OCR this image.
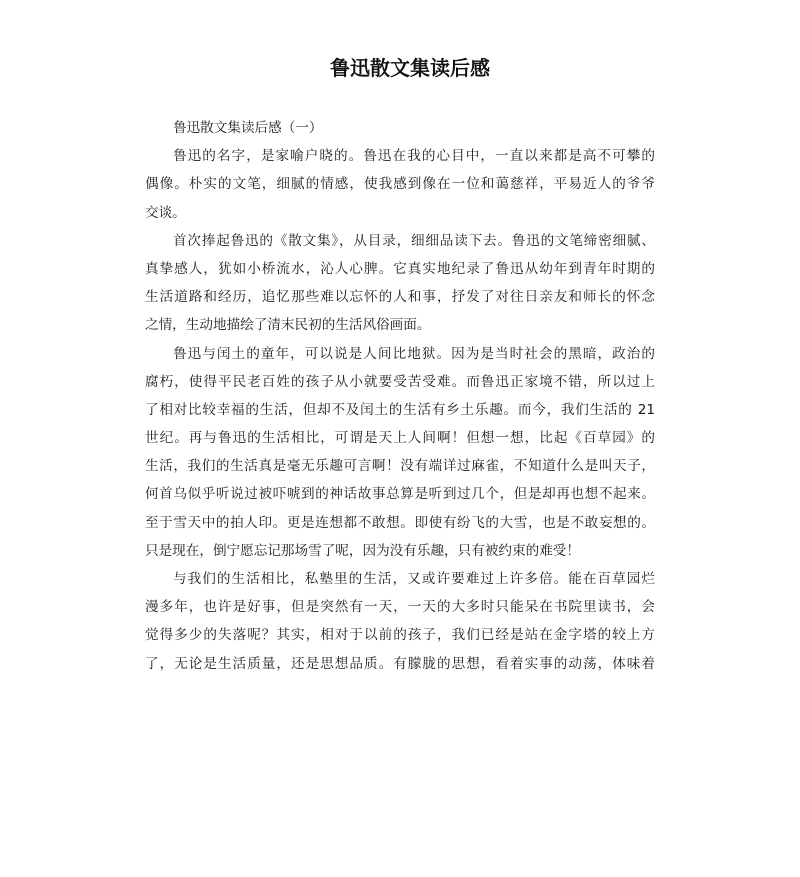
鲁迅散文集读后感
鲁迅散文集读后感（一）
鲁迅的名字，是家喻户晓的。鲁迅在我的心目中，一直以来都是高不可攀的
偶像。朴实的文笔，细腻的情感，使我感到像在一位和蔼慈祥，平易近人的爷爷
交谈。
首次捧起鲁迅的《散文集》，从目录，细细品读下去。鲁迅的文笔缔密细腻、
真挚感人，犹如小桥流水，沁人心脾。它真实地纪录了鲁迅从幼年到青年时期的
生活道路和经历，追忆那些难以忘怀的人和事，抒发了对往日亲友和师长的怀念
之情，生动地描绘了清末民初的生活风俗画面。
鲁迅与闰土的童年，可以说是人间比地狱。因为是当时社会的黑暗，政治的
腐朽，使得平民老百姓的孩子从小就要受苦受难。而鲁迅正家境不错，所以过上
了相对比较幸福的生活，但却不及闰土的生活有乡土乐趣。而今，我们生活的 21
世纪。再与鲁迅的生活相比，可谓是天上人间啊！但想一想，比起《百草园》的
生活，我们的生活真是毫无乐趣可言啊！没有端详过麻雀，不知道什么是叫天子，
何首乌似乎听说过被吓唬到的神话故事总算是听到过几个，但是却再也想不起来。
至于雪天中的拍人印。更是连想都不敢想。即使有纷飞的大雪，也是不敢妄想的。
只是现在，倒宁愿忘记那场雪了呢，因为没有乐趣，只有被约束的难受！
与我们的生活相比，私塾里的生活，又或许要难过上许多倍。能在百草园烂
漫多年，也许是好事，但是突然有一天，一天的大多时只能呆在书院里读书，会
觉得多少的失落呢？其实，相对于以前的孩子，我们已经是站在金字塔的较上方
了，无论是生活质量，还是思想品质。有朦胧的思想，看着实事的动荡，体味着
